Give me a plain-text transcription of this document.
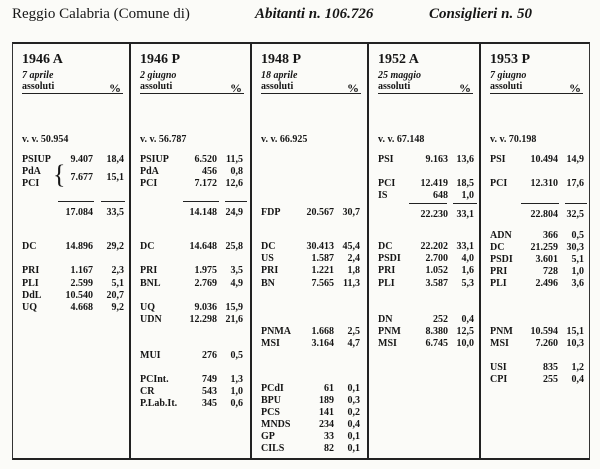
Reggio Calabria (Comune di)	Abitanti n. 106.726	Consiglieri n. 50
1946 A
7 aprile
assoluti	%
v. v. 50.954
PSIUP 9.407 18,4
PdA
PCI { 7.677 15,1
17.084 33,5
DC	14.896 29,2
PRI	1.167 2,3
PLI	2.599 5,1
DdL 10.540 20,7
UQ	4.668 9,2
1946 P
2 giugno
assoluti	%
v. v. 56.787
PSIUP	6.520 11,5
PdA	456 0,8
PCI	7.172 12,6
14.148 24,9
DC	14.648 25,8
PRI	1.975 3,5
BNL	2.769 4,9
UQ	9.036 15,9
UDN	12.298 21,6
MUI	276 0,5
PCInt.	749 1,3
CR	543 1,0
P.Lab.It. 345 0,6
1948 P
18 aprile
assoluti	%
v. v. 66.925
FDP	20.567 30,7
DC	30.413 45,4
US	1.587 2,4
PRI	1.221 1,8
BN	7.565 11,3
PNMA 1.668 2,5
MSI	3.164 4,7
PCdI	61 0,1
BPU	189 0,3
PCS	141 0,2
MNDS	234 0,4
GP	33 0,1
CILS	82 0,1
1952 A
25 maggio
assoluti	%
v. v. 67.148
PSI	9.163 13,6
PCI	12.419 18,5
IS	648 1,0
22.230 33,1
DC	22.202 33,1
PSDI 2.700 4,0
PRI	1.052 1,6
PLI	3.587 5,3
DN	252 0,4
PNM 8.380 12,5
MSI	6.745 10,0
1953 P
7 giugno
assoluti	%
v. v. 70.198
PSI 10.494 14,9
PCI 12.310 17,6
22.804 32,5
ADN	366 0,5
DC	21.259 30,3
PSDI 3.601 5,1
PRI	728 1,0
PLI	2.496 3,6
PNM 10.594 15,1
MSI	7.260 10,3
USI	835 1,2
CPI	255 0,4
